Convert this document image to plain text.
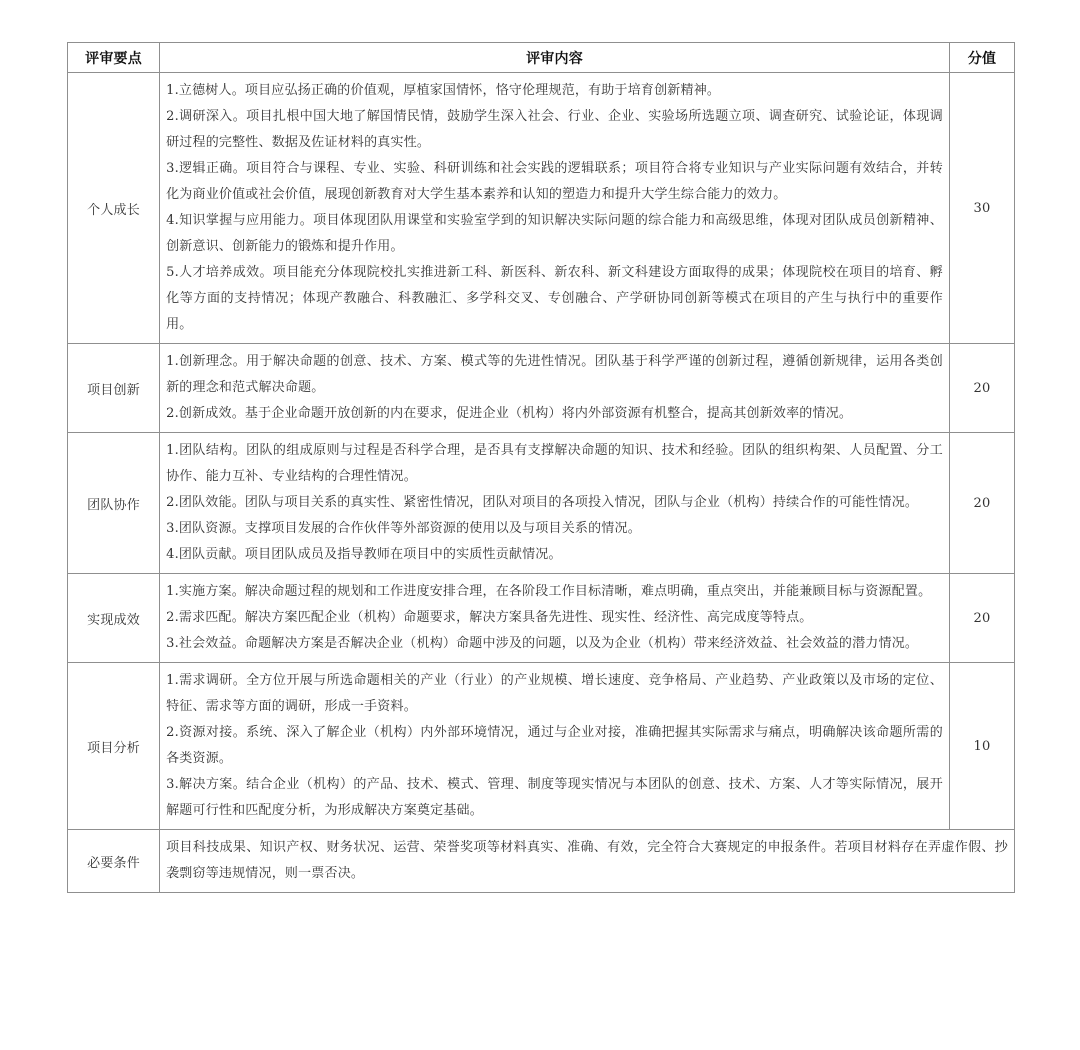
评审要点	评审内容	分值
个人成长	1.立德树人。项目应弘扬正确的价值观，厚植家国情怀，恪守伦理规范，有助于培育创新精神。
2.调研深入。项目扎根中国大地了解国情民情，鼓励学生深入社会、行业、企业、实验场所选题立项、调查研究、试验论证，体现调研过程的完整性、数据及佐证材料的真实性。
3.逻辑正确。项目符合与课程、专业、实验、科研训练和社会实践的逻辑联系；项目符合将专业知识与产业实际问题有效结合，并转化为商业价值或社会价值，展现创新教育对大学生基本素养和认知的塑造力和提升大学生综合能力的效力。
4.知识掌握与应用能力。项目体现团队用课堂和实验室学到的知识解决实际问题的综合能力和高级思维，体现对团队成员创新精神、创新意识、创新能力的锻炼和提升作用。
5.人才培养成效。项目能充分体现院校扎实推进新工科、新医科、新农科、新文科建设方面取得的成果；体现院校在项目的培育、孵化等方面的支持情况；体现产教融合、科教融汇、多学科交叉、专创融合、产学研协同创新等模式在项目的产生与执行中的重要作用。	30
项目创新	1.创新理念。用于解决命题的创意、技术、方案、模式等的先进性情况。团队基于科学严谨的创新过程，遵循创新规律，运用各类创新的理念和范式解决命题。
2.创新成效。基于企业命题开放创新的内在要求，促进企业（机构）将内外部资源有机整合，提高其创新效率的情况。	20
团队协作	1.团队结构。团队的组成原则与过程是否科学合理，是否具有支撑解决命题的知识、技术和经验。团队的组织构架、人员配置、分工协作、能力互补、专业结构的合理性情况。
2.团队效能。团队与项目关系的真实性、紧密性情况，团队对项目的各项投入情况，团队与企业（机构）持续合作的可能性情况。
3.团队资源。支撑项目发展的合作伙伴等外部资源的使用以及与项目关系的情况。
4.团队贡献。项目团队成员及指导教师在项目中的实质性贡献情况。	20
实现成效	1.实施方案。解决命题过程的规划和工作进度安排合理，在各阶段工作目标清晰，难点明确，重点突出，并能兼顾目标与资源配置。
2.需求匹配。解决方案匹配企业（机构）命题要求，解决方案具备先进性、现实性、经济性、高完成度等特点。
3.社会效益。命题解决方案是否解决企业（机构）命题中涉及的问题，以及为企业（机构）带来经济效益、社会效益的潜力情况。	20
项目分析	1.需求调研。全方位开展与所选命题相关的产业（行业）的产业规模、增长速度、竞争格局、产业趋势、产业政策以及市场的定位、特征、需求等方面的调研，形成一手资料。
2.资源对接。系统、深入了解企业（机构）内外部环境情况，通过与企业对接，准确把握其实际需求与痛点，明确解决该命题所需的各类资源。
3.解决方案。结合企业（机构）的产品、技术、模式、管理、制度等现实情况与本团队的创意、技术、方案、人才等实际情况，展开解题可行性和匹配度分析，为形成解决方案奠定基础。	10
必要条件	项目科技成果、知识产权、财务状况、运营、荣誉奖项等材料真实、准确、有效，完全符合大赛规定的申报条件。若项目材料存在弄虚作假、抄袭剽窃等违规情况，则一票否决。	
